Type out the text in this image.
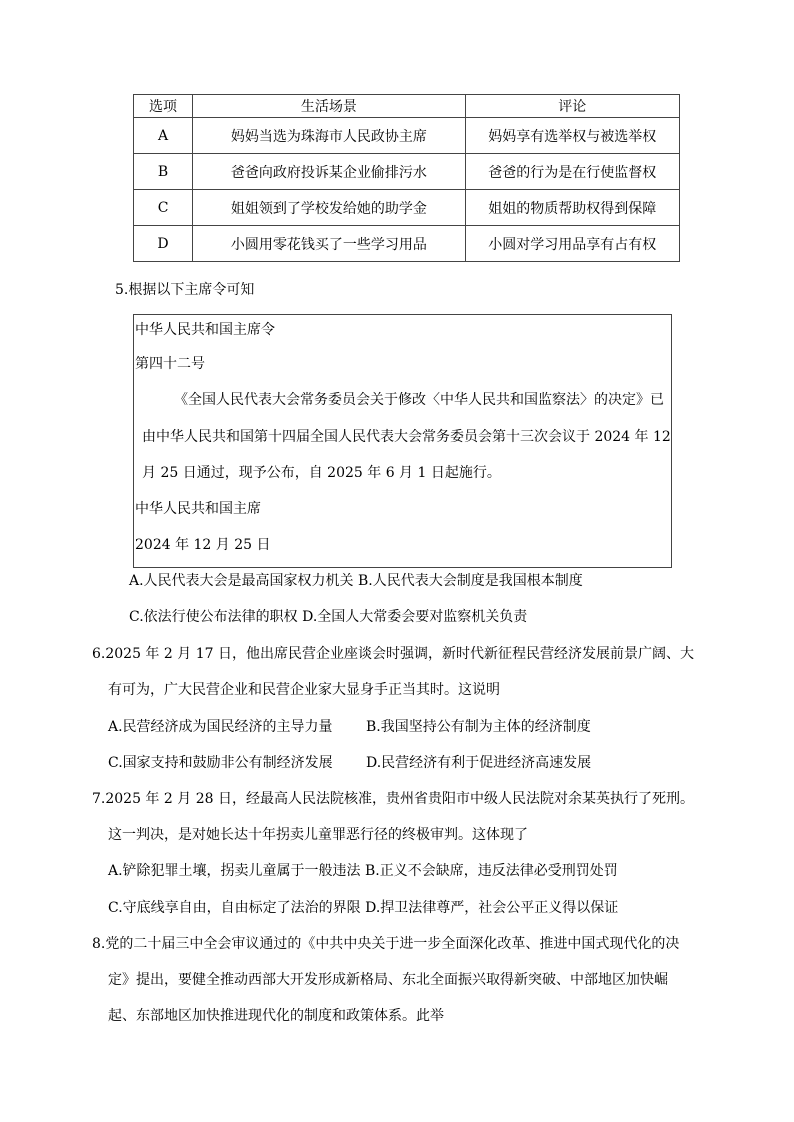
选项	生活场景	评论
A	妈妈当选为珠海市人民政协主席	妈妈享有选举权与被选举权
B	爸爸向政府投诉某企业偷排污水	爸爸的行为是在行使监督权
C	姐姐领到了学校发给她的助学金	姐姐的物质帮助权得到保障
D	小圆用零花钱买了一些学习用品	小圆对学习用品享有占有权
5.根据以下主席令可知
中华人民共和国主席令
第四十二号
《全国人民代表大会常务委员会关于修改〈中华人民共和国监察法〉的决定》已
由中华人民共和国第十四届全国人民代表大会常务委员会第十三次会议于 2024 年 12
月 25 日通过，现予公布，自 2025 年 6 月 1 日起施行。
中华人民共和国主席
2024 年 12 月 25 日
A.人民代表大会是最高国家权力机关 B.人民代表大会制度是我国根本制度
C.依法行使公布法律的职权 D.全国人大常委会要对监察机关负责
6.2025 年 2 月 17 日，他出席民营企业座谈会时强调，新时代新征程民营经济发展前景广阔、大
有可为，广大民营企业和民营企业家大显身手正当其时。这说明
A.民营经济成为国民经济的主导力量 B.我国坚持公有制为主体的经济制度
C.国家支持和鼓励非公有制经济发展 D.民营经济有利于促进经济高速发展
7.2025 年 2 月 28 日，经最高人民法院核准，贵州省贵阳市中级人民法院对余某英执行了死刑。
这一判决，是对她长达十年拐卖儿童罪恶行径的终极审判。这体现了
A.铲除犯罪土壤，拐卖儿童属于一般违法 B.正义不会缺席，违反法律必受刑罚处罚
C.守底线享自由，自由标定了法治的界限 D.捍卫法律尊严，社会公平正义得以保证
8.党的二十届三中全会审议通过的《中共中央关于进一步全面深化改革、推进中国式现代化的决
定》提出，要健全推动西部大开发形成新格局、东北全面振兴取得新突破、中部地区加快崛
起、东部地区加快推进现代化的制度和政策体系。此举
